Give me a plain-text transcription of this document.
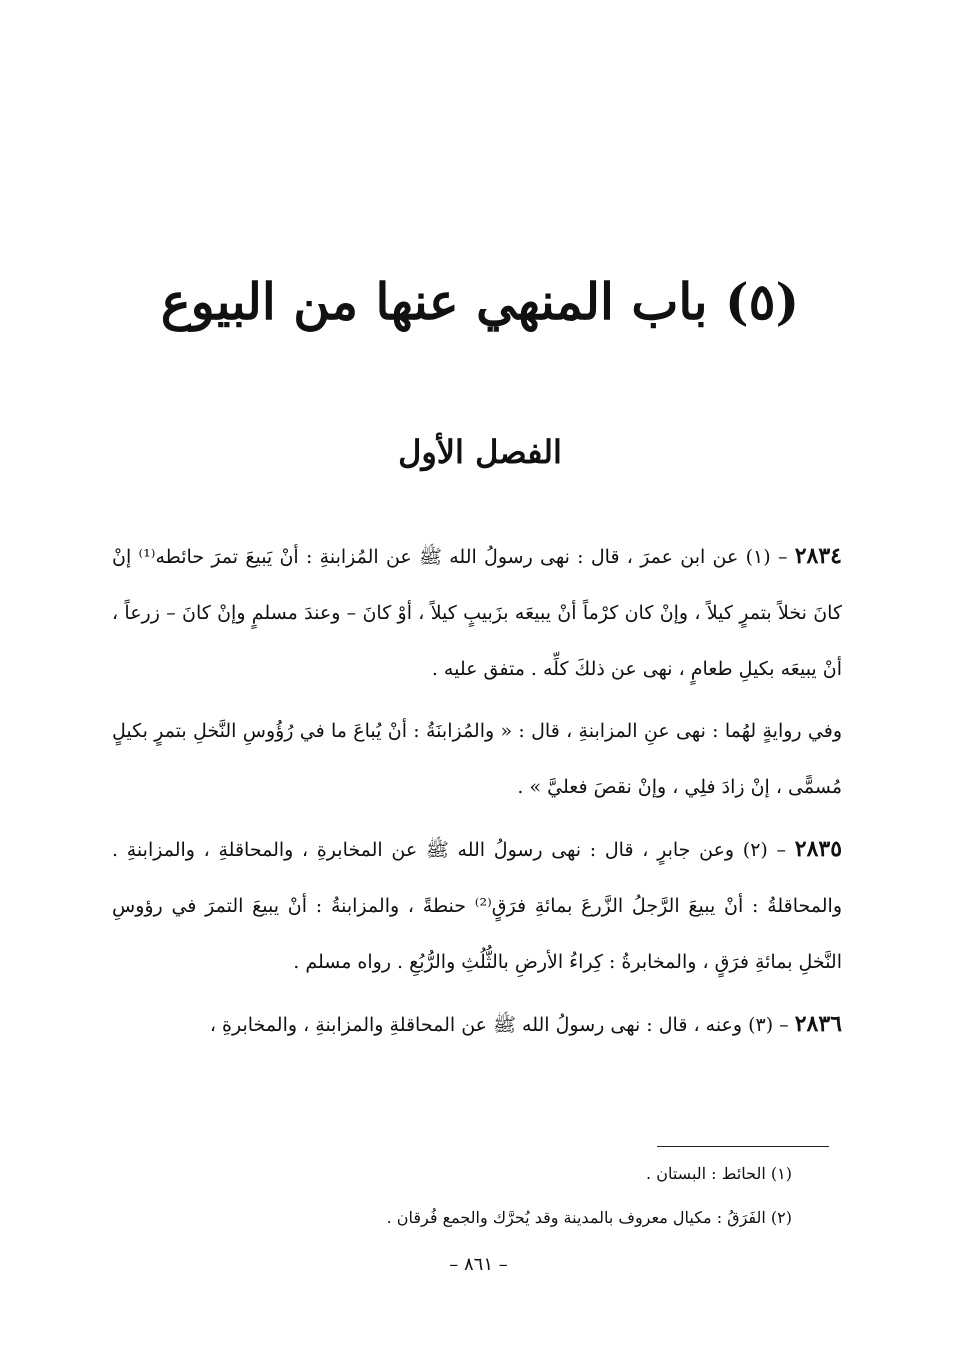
(٥) باب المنهي عنها من البيوع
الفصل الأول

٢٨٣٤ – (١) عن ابن عمرَ ، قال : نهى رسولُ الله ﷺ عن المُزابنةِ : أنْ يَبيعَ تمرَ حائطه⁽¹⁾ إنْ كانَ نخلاً بتمرٍ كيلاً ، وإنْ كان كرْماً أنْ يبيعَه بزَبيبٍ كيلاً ، أوْ كانَ – وعندَ مسلمٍ وإنْ كانَ – زرعاً ، أنْ يبيعَه بكيلِ طعامٍ ، نهى عن ذلكَ كلِّه . متفق عليه .

وفي روايةٍ لهُما : نهى عنِ المزابنةِ ، قال : « والمُزابنَةُ : أنْ يُباعَ ما في رُؤُوسِ النَّخلِ بتمرٍ بكيلٍ مُسمًّى ، إنْ زادَ فلِي ، وإنْ نقصَ فعليَّ » .

٢٨٣٥ – (٢) وعن جابرٍ ، قال : نهى رسولُ الله ﷺ عن المخابرةِ ، والمحاقلةِ ، والمزابنةِ . والمحاقلةُ : أنْ يبيعَ الرَّجلُ الزَّرعَ بمائةِ فرَقٍ⁽²⁾ حنطةً ، والمزابنةُ : أنْ يبيعَ التمرَ في رؤوسِ النَّخلِ بمائةِ فرَقٍ ، والمخابرةُ : كِراءُ الأرضِ بالثُّلُثِ والرُّبُعِ . رواه مسلم .

٢٨٣٦ – (٣) وعنه ، قال : نهى رسولُ الله ﷺ عن المحاقلةِ والمزابنةِ ، والمخابرةِ ،

(١) الحائط : البستان .

(٢) الفَرَقُ : مكيال معروف بالمدينة وقد يُحرَّك والجمع فُرقان .

– ٨٦١ –
